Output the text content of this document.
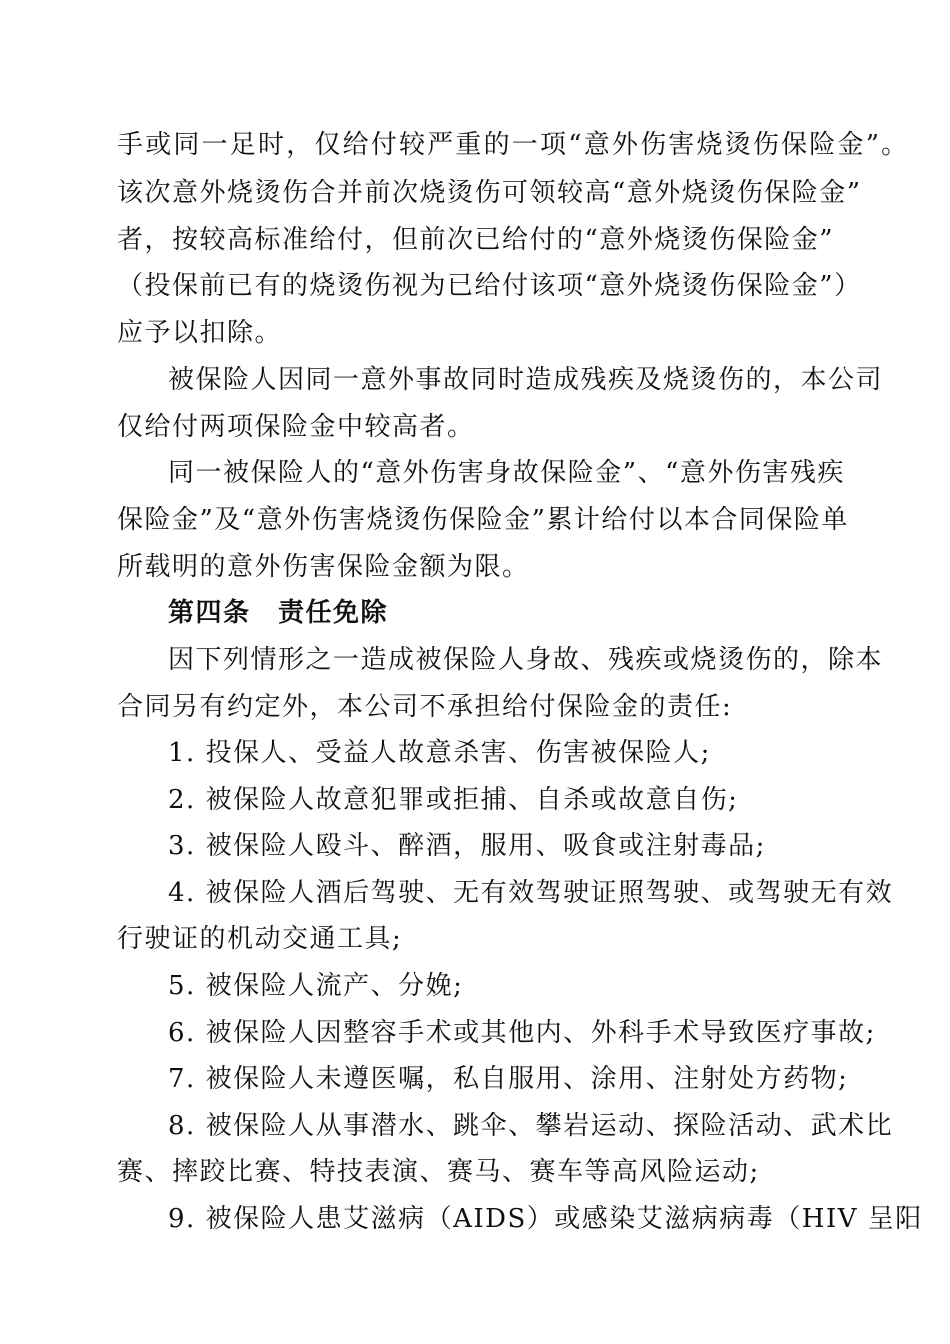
手或同一足时，仅给付较严重的一项“意外伤害烧烫伤保险金”。
该次意外烧烫伤合并前次烧烫伤可领较高“意外烧烫伤保险金”
者，按较高标准给付，但前次已给付的“意外烧烫伤保险金”
（投保前已有的烧烫伤视为已给付该项“意外烧烫伤保险金”）
应予以扣除。
被保险人因同一意外事故同时造成残疾及烧烫伤的，本公司
仅给付两项保险金中较高者。
同一被保险人的“意外伤害身故保险金”、“意外伤害残疾
保险金”及“意外伤害烧烫伤保险金”累计给付以本合同保险单
所载明的意外伤害保险金额为限。
第四条　责任免除
因下列情形之一造成被保险人身故、残疾或烧烫伤的，除本
合同另有约定外，本公司不承担给付保险金的责任:
1. 投保人、受益人故意杀害、伤害被保险人;
2. 被保险人故意犯罪或拒捕、自杀或故意自伤;
3. 被保险人殴斗、醉酒，服用、吸食或注射毒品;
4. 被保险人酒后驾驶、无有效驾驶证照驾驶、或驾驶无有效
行驶证的机动交通工具;
5. 被保险人流产、分娩;
6. 被保险人因整容手术或其他内、外科手术导致医疗事故;
7. 被保险人未遵医嘱，私自服用、涂用、注射处方药物;
8. 被保险人从事潜水、跳伞、攀岩运动、探险活动、武术比
赛、摔跤比赛、特技表演、赛马、赛车等高风险运动;
9. 被保险人患艾滋病（AIDS）或感染艾滋病病毒（HIV 呈阳
